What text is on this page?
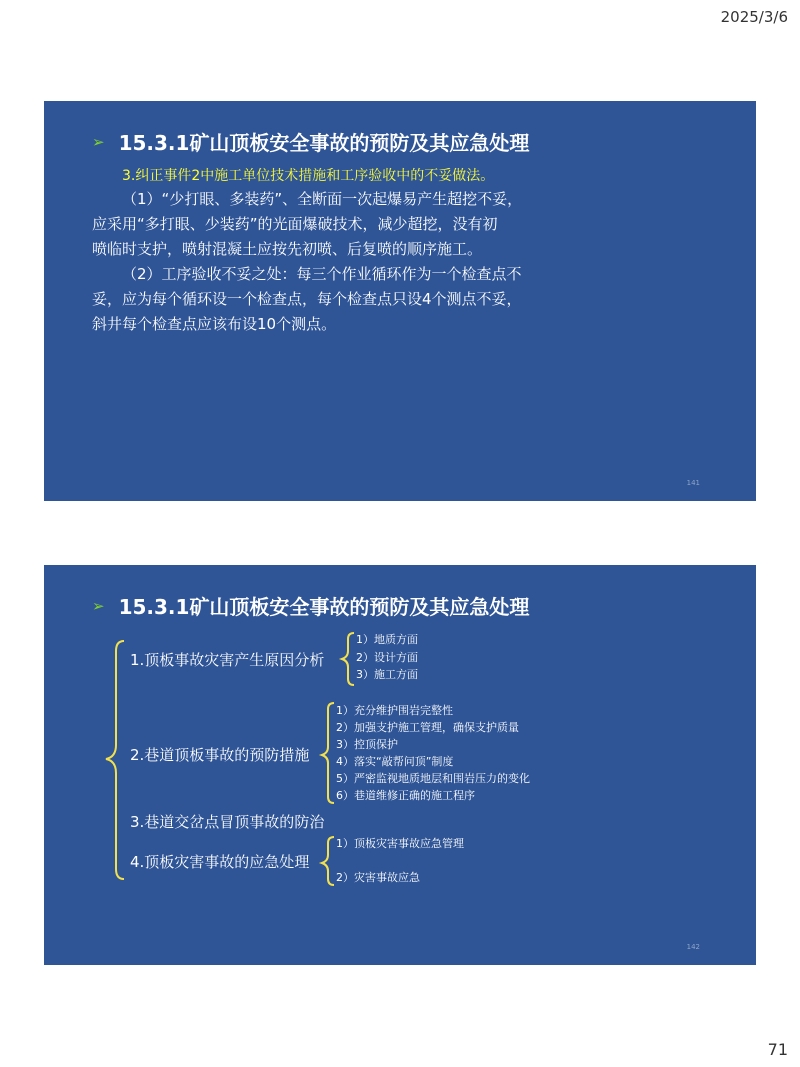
2025/3/6
➢ 15.3.1矿山顶板安全事故的预防及其应急处理
3.纠正事件2中施工单位技术措施和工序验收中的不妥做法。

（1）“少打眼、多装药”、全断面一次起爆易产生超挖不妥，

应采用“多打眼、少装药”的光面爆破技术，减少超挖，没有初

喷临时支护，喷射混凝土应按先初喷、后复喷的顺序施工。

（2）工序验收不妥之处：每三个作业循环作为一个检查点不

妥，应为每个循环设一个检查点，每个检查点只设4个测点不妥，

斜井每个检查点应该布设10个测点。

141
➢ 15.3.1矿山顶板安全事故的预防及其应急处理
1.顶板事故灾害产生原因分析
1）地质方面
2）设计方面
3）施工方面
2.巷道顶板事故的预防措施
1）充分维护围岩完整性
2）加强支护施工管理，确保支护质量
3）控顶保护
4）落实“敲帮问顶”制度
5）严密监视地质地层和围岩压力的变化
6）巷道维修正确的施工程序
3.巷道交岔点冒顶事故的防治
4.顶板灾害事故的应急处理
1）顶板灾害事故应急管理
2）灾害事故应急
142
71
